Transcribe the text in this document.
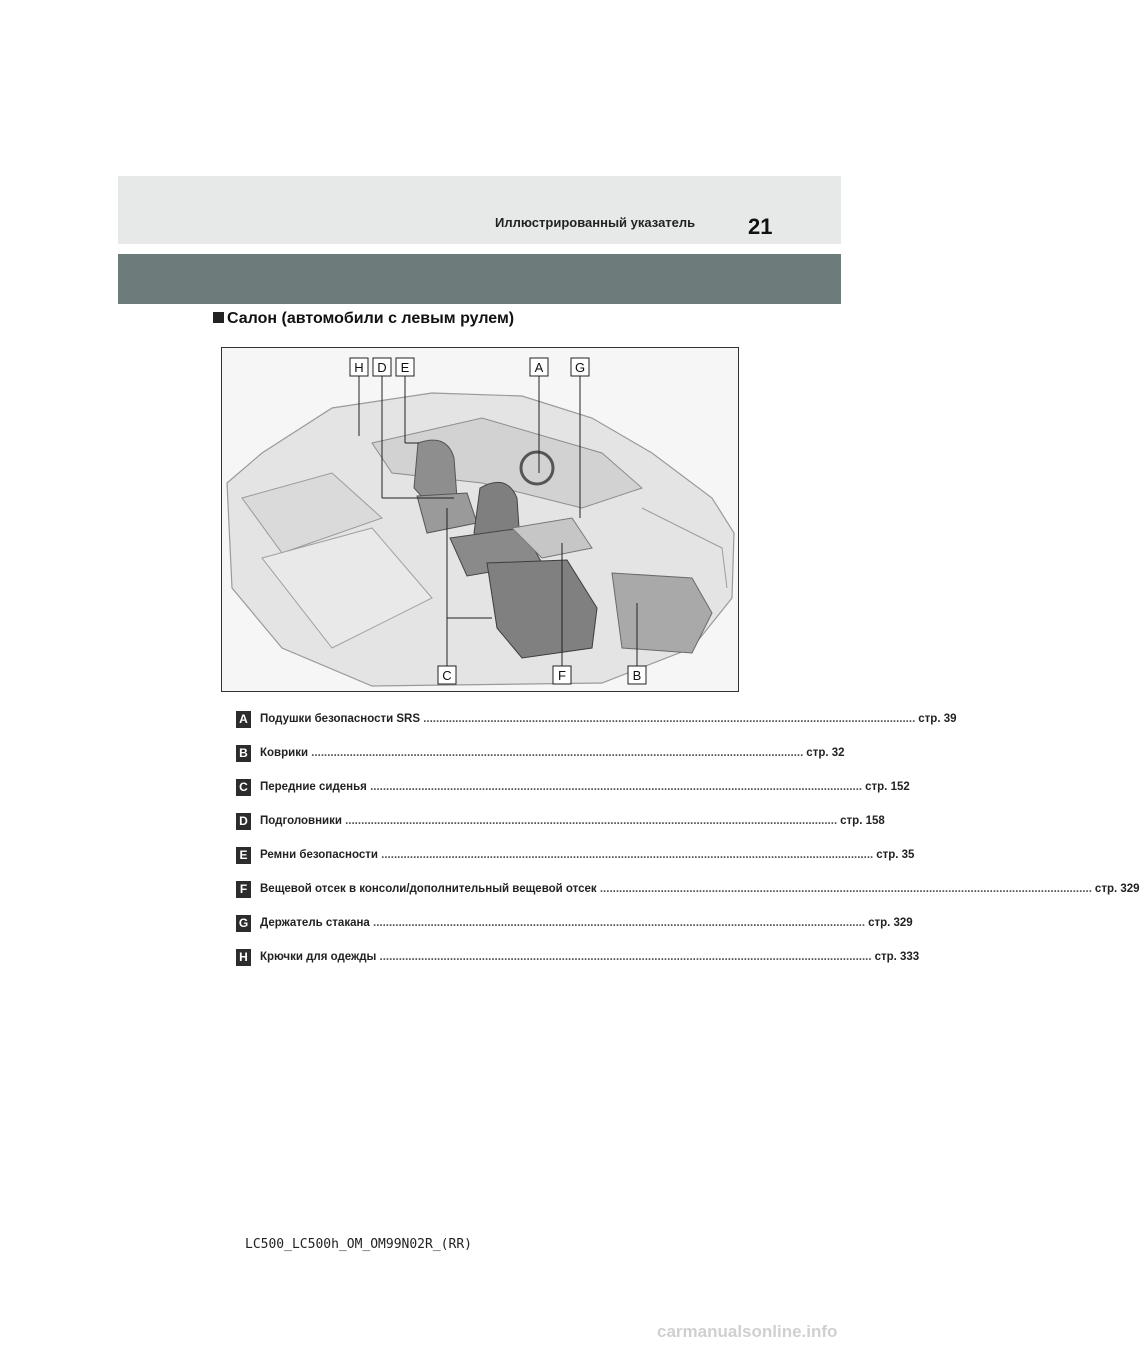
Иллюстрированный указатель 21
Салон (автомобили с левым рулем)
H D E	A G
C	F	B
A Подушки безопасности SRS .......................................................................................................................................................... стр. 39
B Коврики .......................................................................................................................................................... стр. 32
C Передние сиденья .......................................................................................................................................................... стр. 152
D Подголовники .......................................................................................................................................................... стр. 158
E	Ремни безопасности .......................................................................................................................................................... стр. 35
F	Вещевой отсек в консоли/дополнительный вещевой отсек .......................................................................................................................................................... стр. 329
G Держатель стакана .......................................................................................................................................................... стр. 329
H Крючки для одежды .......................................................................................................................................................... стр. 333
LC500_LC500h_OM_OM99N02R_(RR)
carmanualsonline.info
